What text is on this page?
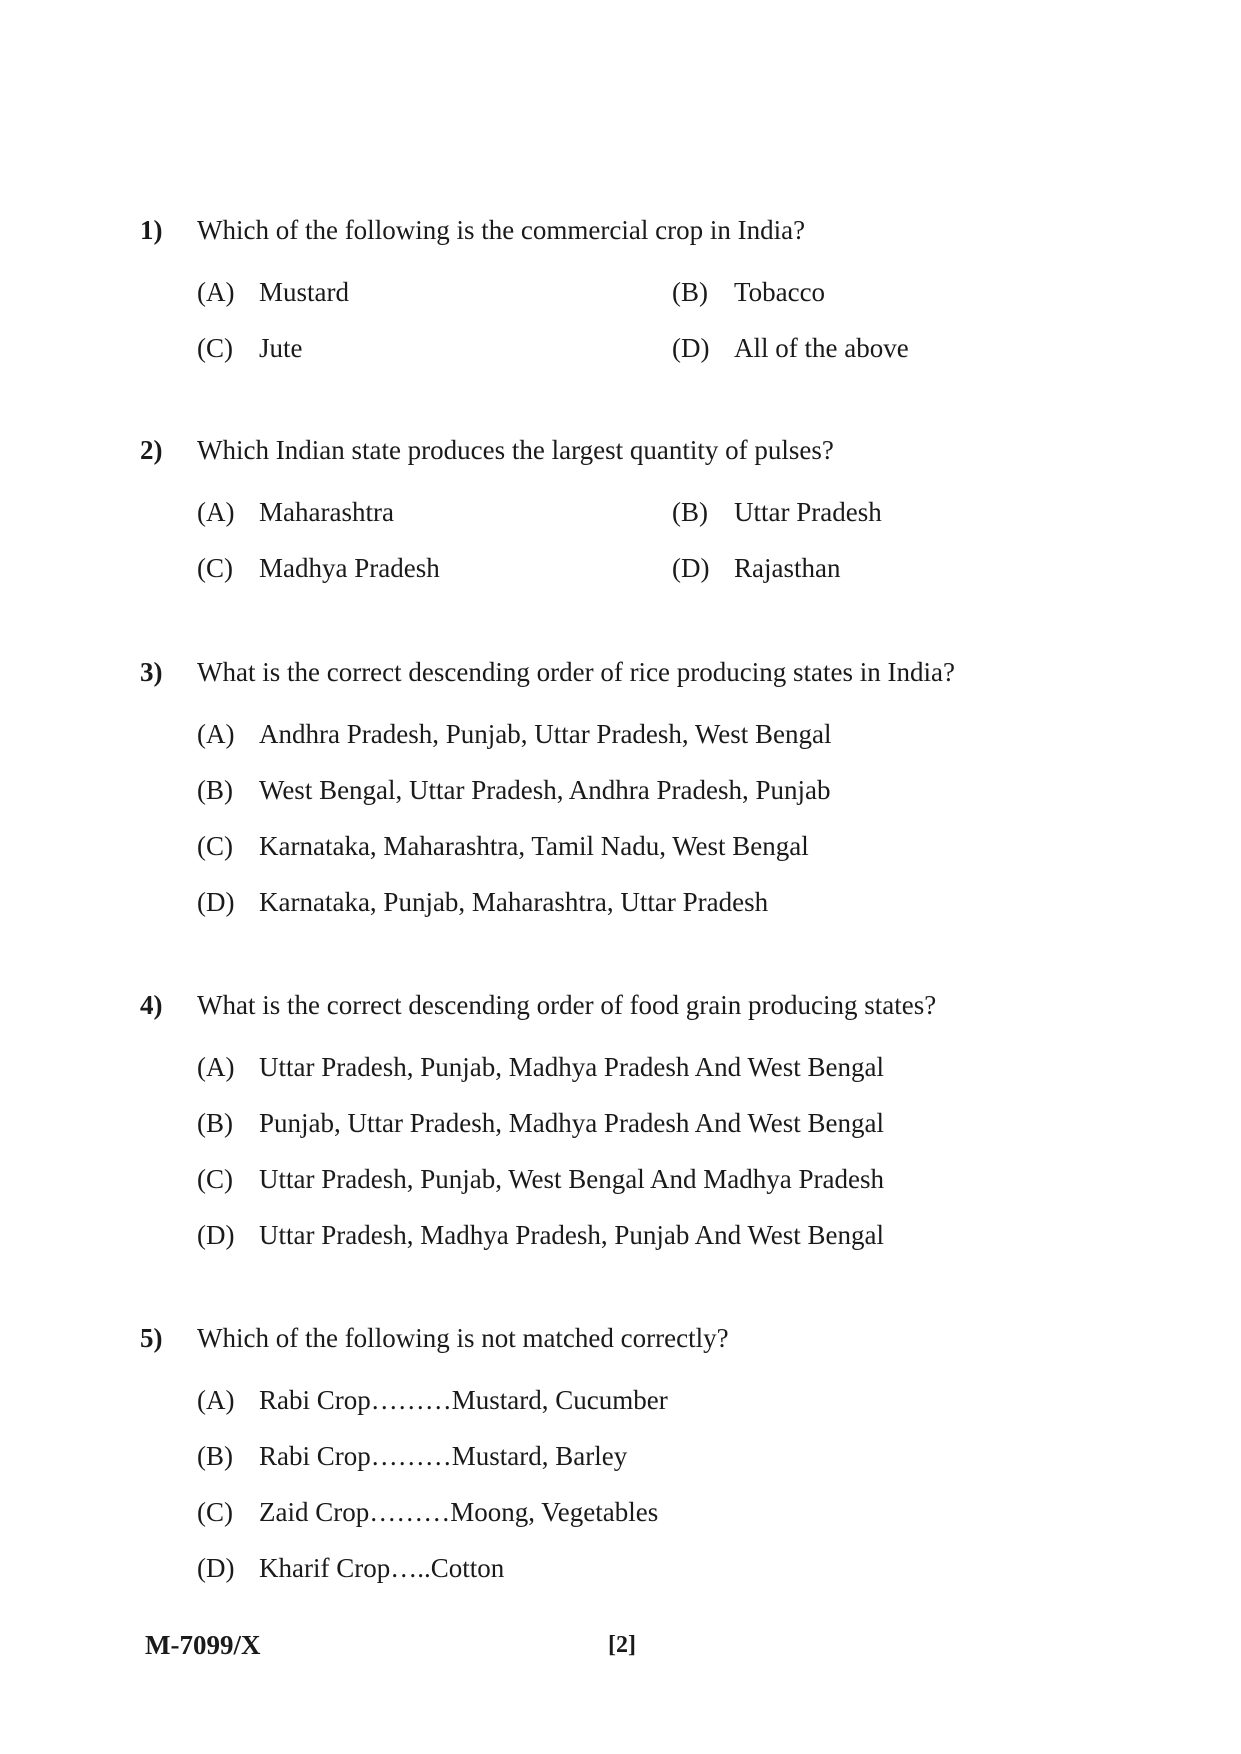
1) Which of the following is the commercial crop in India?
(A) Mustard	(B) Tobacco
(C) Jute	(D) All of the above
2) Which Indian state produces the largest quantity of pulses?
(A) Maharashtra	(B) Uttar Pradesh
(C) Madhya Pradesh	(D) Rajasthan
3) What is the correct descending order of rice producing states in India?
(A) Andhra Pradesh, Punjab, Uttar Pradesh, West Bengal
(B) West Bengal, Uttar Pradesh, Andhra Pradesh, Punjab
(C) Karnataka, Maharashtra, Tamil Nadu, West Bengal
(D) Karnataka, Punjab, Maharashtra, Uttar Pradesh
4) What is the correct descending order of food grain producing states?
(A) Uttar Pradesh, Punjab, Madhya Pradesh And West Bengal
(B) Punjab, Uttar Pradesh, Madhya Pradesh And West Bengal
(C) Uttar Pradesh, Punjab, West Bengal And Madhya Pradesh
(D) Uttar Pradesh, Madhya Pradesh, Punjab And West Bengal
5) Which of the following is not matched correctly?
(A) Rabi Crop………Mustard, Cucumber
(B) Rabi Crop………Mustard, Barley
(C) Zaid Crop………Moong, Vegetables
(D) Kharif Crop…..Cotton
M-7099/X	[2]
